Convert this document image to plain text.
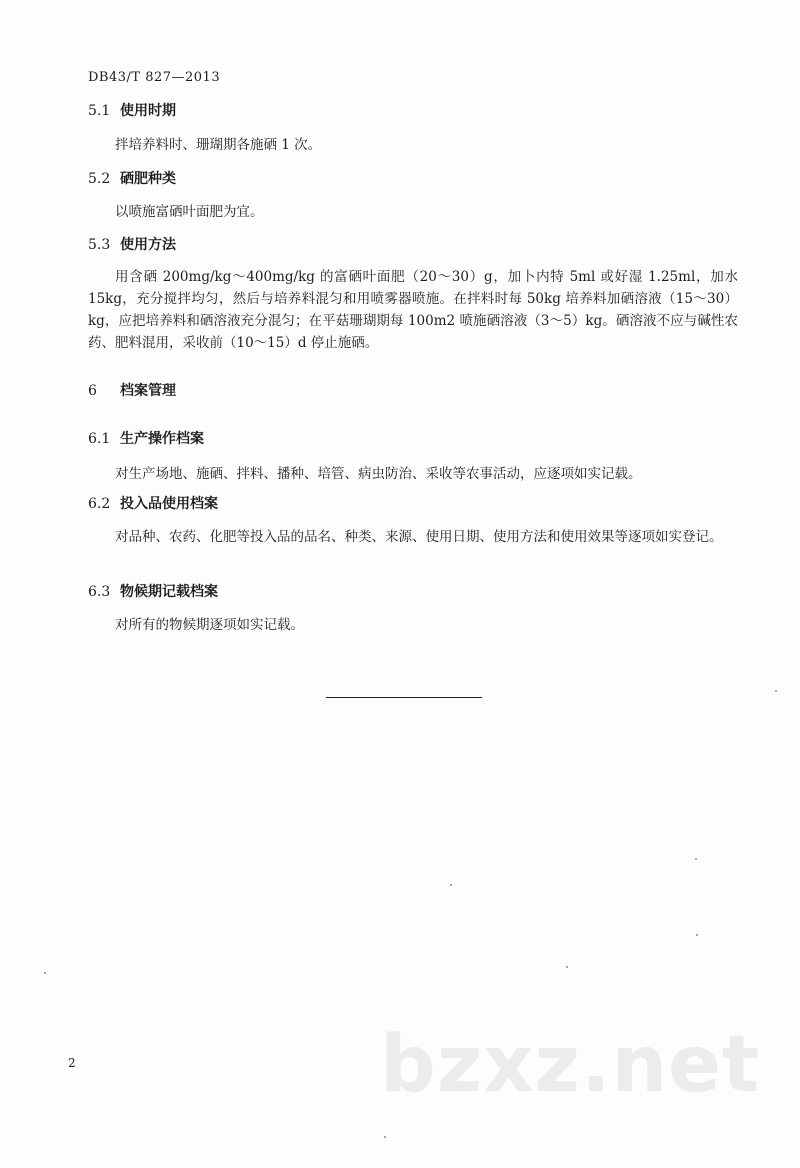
DB43/T 827—2013
5.1 使用时期
拌培养料时、珊瑚期各施硒 1 次。
5.2 硒肥种类
以喷施富硒叶面肥为宜。
5.3 使用方法
用含硒 200mg/kg～400mg/kg 的富硒叶面肥（20～30）g，加卜内特 5ml 或好湿 1.25ml，加水 15kg，充分搅拌均匀，然后与培养料混匀和用喷雾器喷施。在拌料时每 50kg 培养料加硒溶液（15～30）kg，应把培养料和硒溶液充分混匀；在平菇珊瑚期每 100m2 喷施硒溶液（3～5）kg。硒溶液不应与碱性农药、肥料混用，采收前（10～15）d 停止施硒。
6 档案管理
6.1 生产操作档案
对生产场地、施硒、拌料、播种、培管、病虫防治、采收等农事活动，应逐项如实记载。
6.2 投入品使用档案
对品种、农药、化肥等投入品的品名、种类、来源、使用日期、使用方法和使用效果等逐项如实登记。
6.3 物候期记载档案
对所有的物候期逐项如实记载。
bzxz.net
2
